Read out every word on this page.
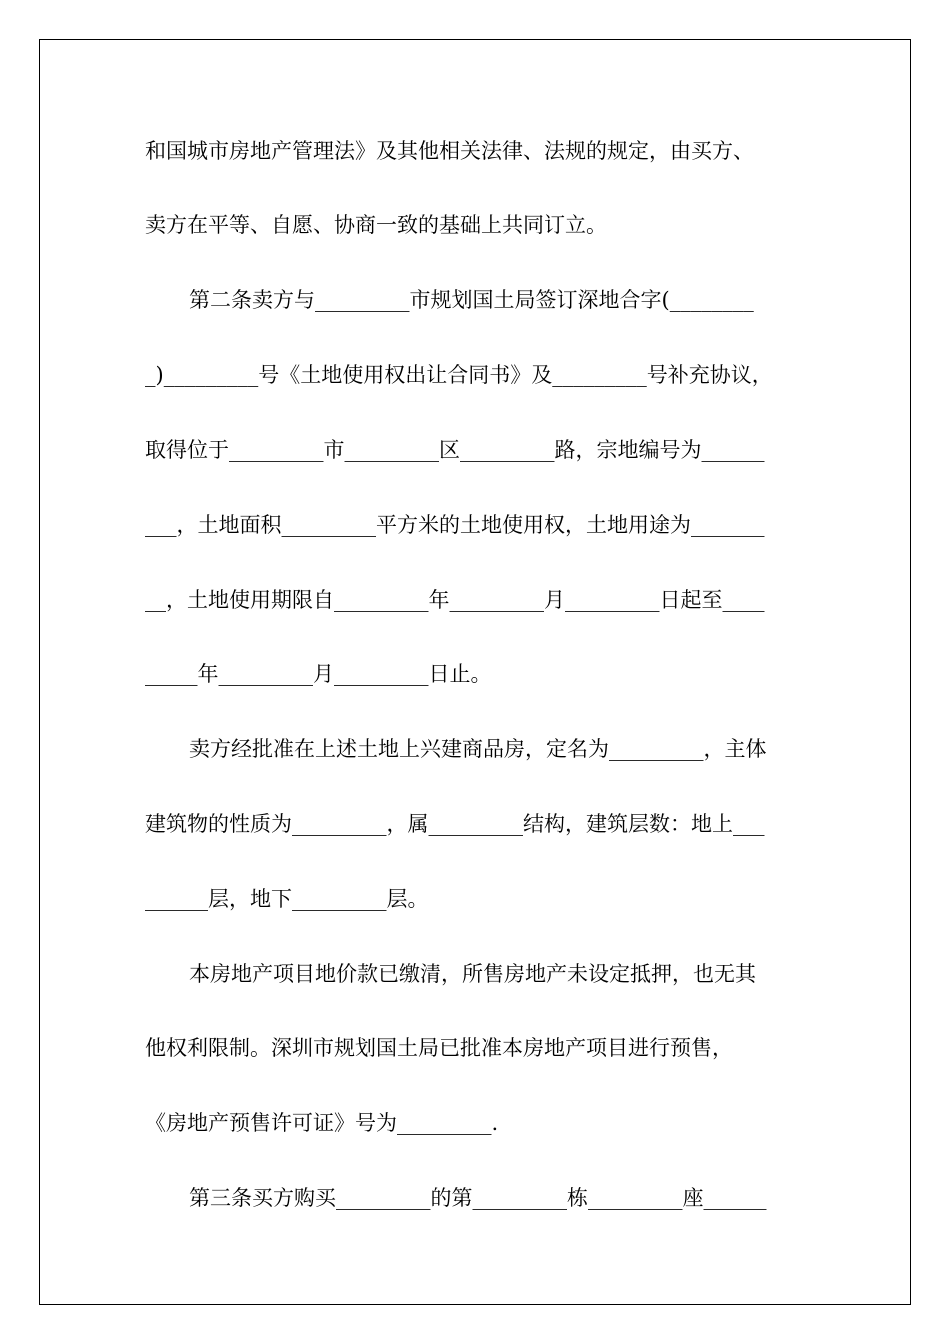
和国城市房地产管理法》及其他相关法律、法规的规定，由买方、
卖方在平等、自愿、协商一致的基础上共同订立。
第二条卖方与_________市规划国土局签订深地合字(________
_)_________号《土地使用权出让合同书》及_________号补充协议，
取得位于_________市_________区_________路，宗地编号为______
___，土地面积_________平方米的土地使用权，土地用途为_______
__，土地使用期限自_________年_________月_________日起至____
_____年_________月_________日止。
卖方经批准在上述土地上兴建商品房，定名为_________，主体
建筑物的性质为_________，属_________结构，建筑层数：地上___
______层，地下_________层。
本房地产项目地价款已缴清，所售房地产未设定抵押，也无其
他权利限制。深圳市规划国土局已批准本房地产项目进行预售，
《房地产预售许可证》号为_________.
第三条买方购买_________的第_________栋_________座______
